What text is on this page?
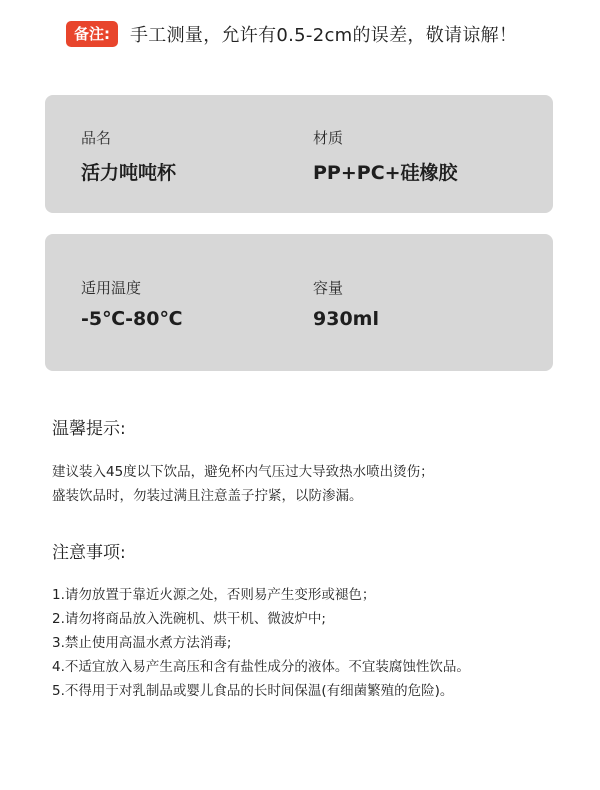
备注:	手工测量，允许有0.5-2cm的误差，敬请谅解！
品名
活力吨吨杯
材质
PP+PC+硅橡胶
适用温度
-5℃-80℃
容量
930ml
温馨提示:
建议装入45度以下饮品，避免杯内气压过大导致热水喷出烫伤；
盛装饮品时，勿装过满且注意盖子拧紧，以防渗漏。
注意事项:
1.请勿放置于靠近火源之处，否则易产生变形或褪色；
2.请勿将商品放入洗碗机、烘干机、微波炉中;
3.禁止使用高温水煮方法消毒;
4.不适宜放入易产生高压和含有盐性成分的液体。不宜装腐蚀性饮品。
5.不得用于对乳制品或婴儿食品的长时间保温(有细菌繁殖的危险)。
